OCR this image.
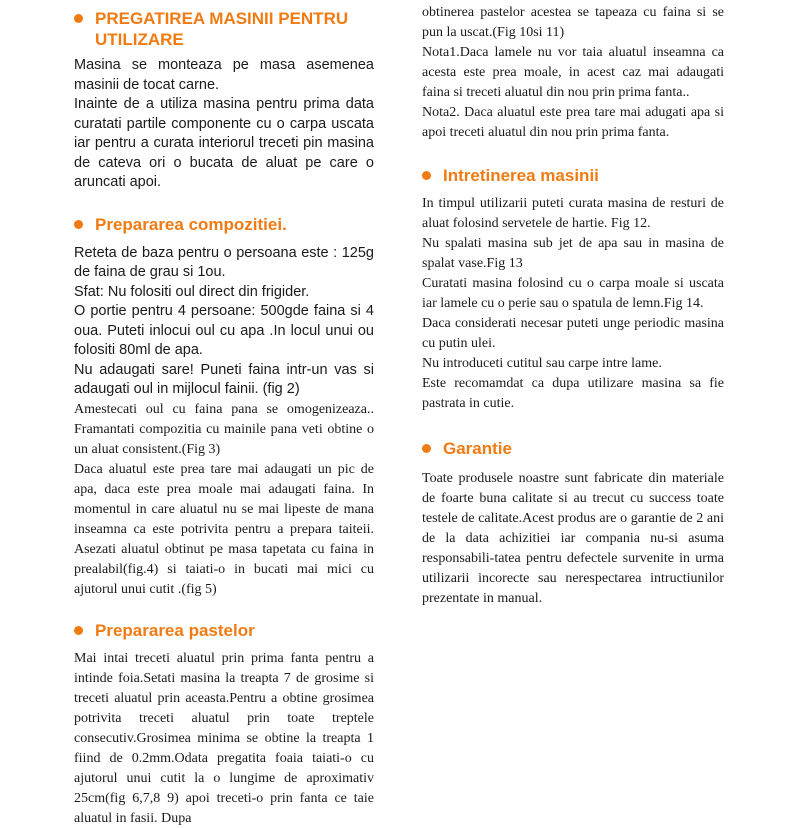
PREGATIREA MASINII PENTRU UTILIZARE

Masina se monteaza pe masa asemenea masinii de tocat carne.

Inainte de a utiliza masina pentru prima data curatati partile componente cu o carpa uscata iar pentru a curata interiorul treceti pin masina de cateva ori o bucata de aluat pe care o aruncati apoi.

Prepararea compozitiei.

Reteta de baza pentru o persoana este : 125g de faina de grau si 1ou.

Sfat: Nu folositi oul direct din frigider.

O portie pentru 4 persoane: 500gde faina si 4 oua. Puteti inlocui oul cu apa .In locul unui ou folositi 80ml de apa.

Nu adaugati sare! Puneti faina intr-un vas si adaugati oul in mijlocul fainii. (fig 2)

Amestecati oul cu faina pana se omogenizeaza.. Framantati compozitia cu mainile pana veti obtine o un aluat consistent.(Fig 3)

Daca aluatul este prea tare mai adaugati un pic de apa, daca este prea moale mai adaugati faina. In momentul in care aluatul nu se mai lipeste de mana inseamna ca este potrivita pentru a prepara taiteii. Asezati aluatul obtinut pe masa tapetata cu faina in prealabil(fig.4) si taiati-o in bucati mai mici cu ajutorul unui cutit .(fig 5)

Prepararea pastelor

Mai intai treceti aluatul prin prima fanta pentru a intinde foia.Setati masina la treapta 7 de grosime si treceti aluatul prin aceasta.Pentru a obtine grosimea potrivita treceti aluatul prin toate treptele consecutiv.Grosimea minima se obtine la treapta 1 fiind de 0.2mm.Odata pregatita foaia taiati-o cu ajutorul unui cutit la o lungime de aproximativ 25cm(fig 6,7,8 9) apoi treceti-o prin fanta ce taie aluatul in fasii. Dupa

obtinerea pastelor acestea se tapeaza cu faina si se pun la uscat.(Fig 10si 11)

Nota1.Daca lamele nu vor taia aluatul inseamna ca acesta este prea moale, in acest caz mai adaugati faina si treceti aluatul din nou prin prima fanta..

Nota2. Daca aluatul este prea tare mai adugati apa si apoi treceti aluatul din nou prin prima fanta.

Intretinerea masinii

In timpul utilizarii puteti curata masina de resturi de aluat folosind servetele de hartie. Fig 12.

Nu spalati masina sub jet de apa sau in masina de spalat vase.Fig 13

Curatati masina folosind cu o carpa moale si uscata iar lamele cu o perie sau o spatula de lemn.Fig 14.

Daca considerati necesar puteti unge periodic masina cu putin ulei.

Nu introduceti cutitul sau carpe intre lame.

Este recomamdat ca dupa utilizare masina sa fie pastrata in cutie.

Garantie

Toate produsele noastre sunt fabricate din materiale de foarte buna calitate si au trecut cu success toate testele de calitate.Acest produs are o garantie de 2 ani de la data achizitiei iar compania nu-si asuma responsabili-tatea pentru defectele survenite in urma utilizarii incorecte sau nerespectarea intructiunilor prezentate in manual.
